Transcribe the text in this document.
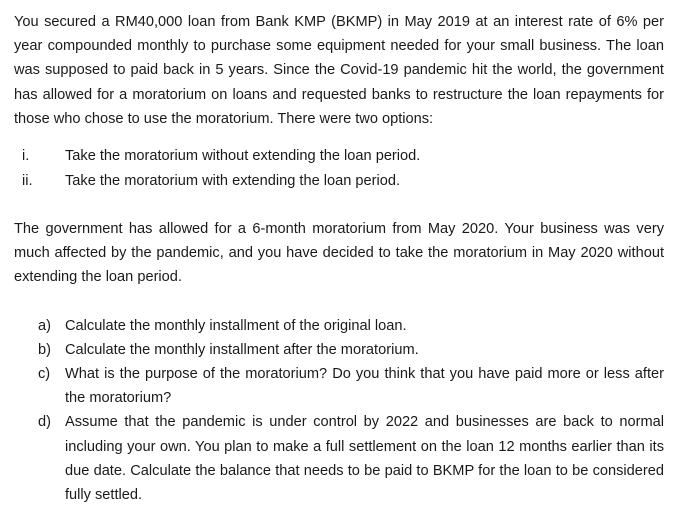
You secured a RM40,000 loan from Bank KMP (BKMP) in May 2019 at an interest rate of 6% per year compounded monthly to purchase some equipment needed for your small business. The loan was supposed to paid back in 5 years. Since the Covid-19 pandemic hit the world, the government has allowed for a moratorium on loans and requested banks to restructure the loan repayments for those who chose to use the moratorium. There were two options:

i. Take the moratorium without extending the loan period.
ii. Take the moratorium with extending the loan period.

The government has allowed for a 6-month moratorium from May 2020. Your business was very much affected by the pandemic, and you have decided to take the moratorium in May 2020 without extending the loan period.

a) Calculate the monthly installment of the original loan.
b) Calculate the monthly installment after the moratorium.
c) What is the purpose of the moratorium? Do you think that you have paid more or less after the moratorium?
d) Assume that the pandemic is under control by 2022 and businesses are back to normal including your own. You plan to make a full settlement on the loan 12 months earlier than its due date. Calculate the balance that needs to be paid to BKMP for the loan to be considered fully settled.
